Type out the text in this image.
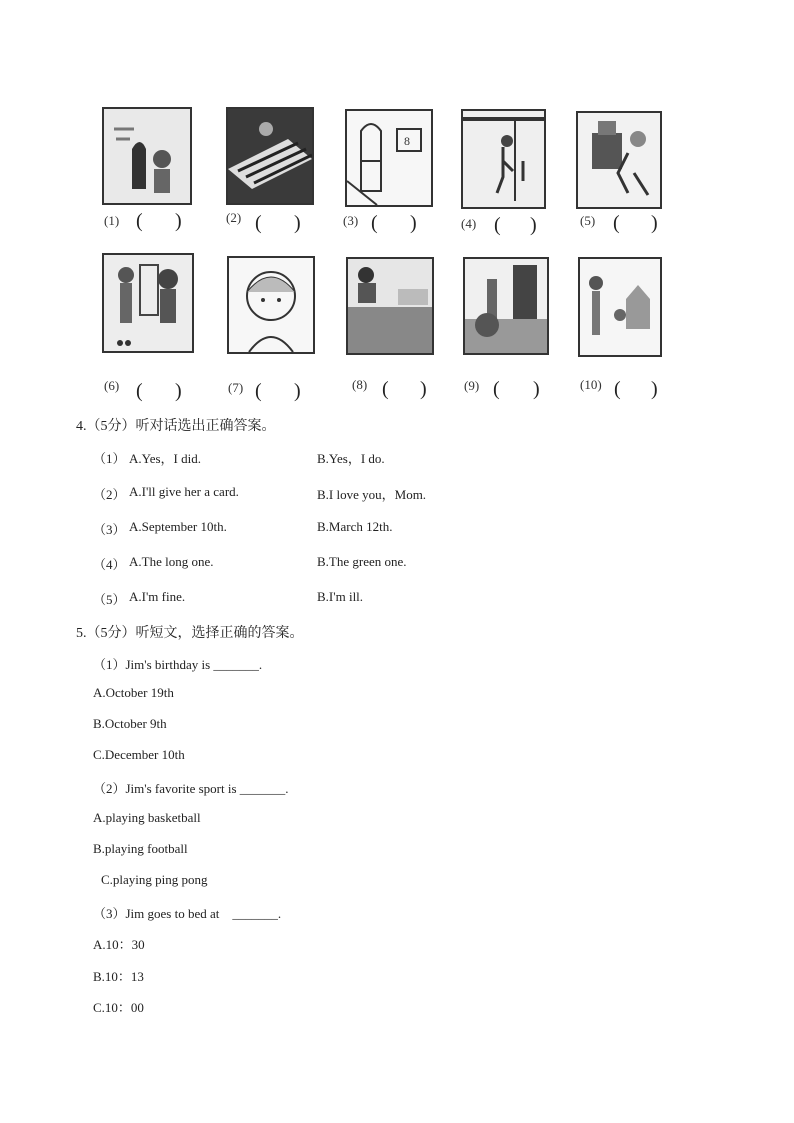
8
(1) ( )	(2) ( )	(3) ( )	(4) ( )	(5) ( )
(6) ( )	(7) ( )	(8) ( )	(9) ( )	(10) ( )
4.（5分）听对话选出正确答案。
（1） A.Yes，I did.	B.Yes，I do.
（2） A.I'll give her a card.	B.I love you，Mom.
（3） A.September 10th.	B.March 12th.
（4） A.The long one.	B.The green one.
（5） A.I'm fine.	B.I'm ill.
5.（5分）听短文，选择正确的答案。
（1）Jim's birthday is _______.
A.October 19th
B.October 9th
C.December 10th
（2）Jim's favorite sport is _______.
A.playing basketball
B.playing football
C.playing ping pong
（3）Jim goes to bed at    _______.
A.10：30
B.10：13
C.10：00
